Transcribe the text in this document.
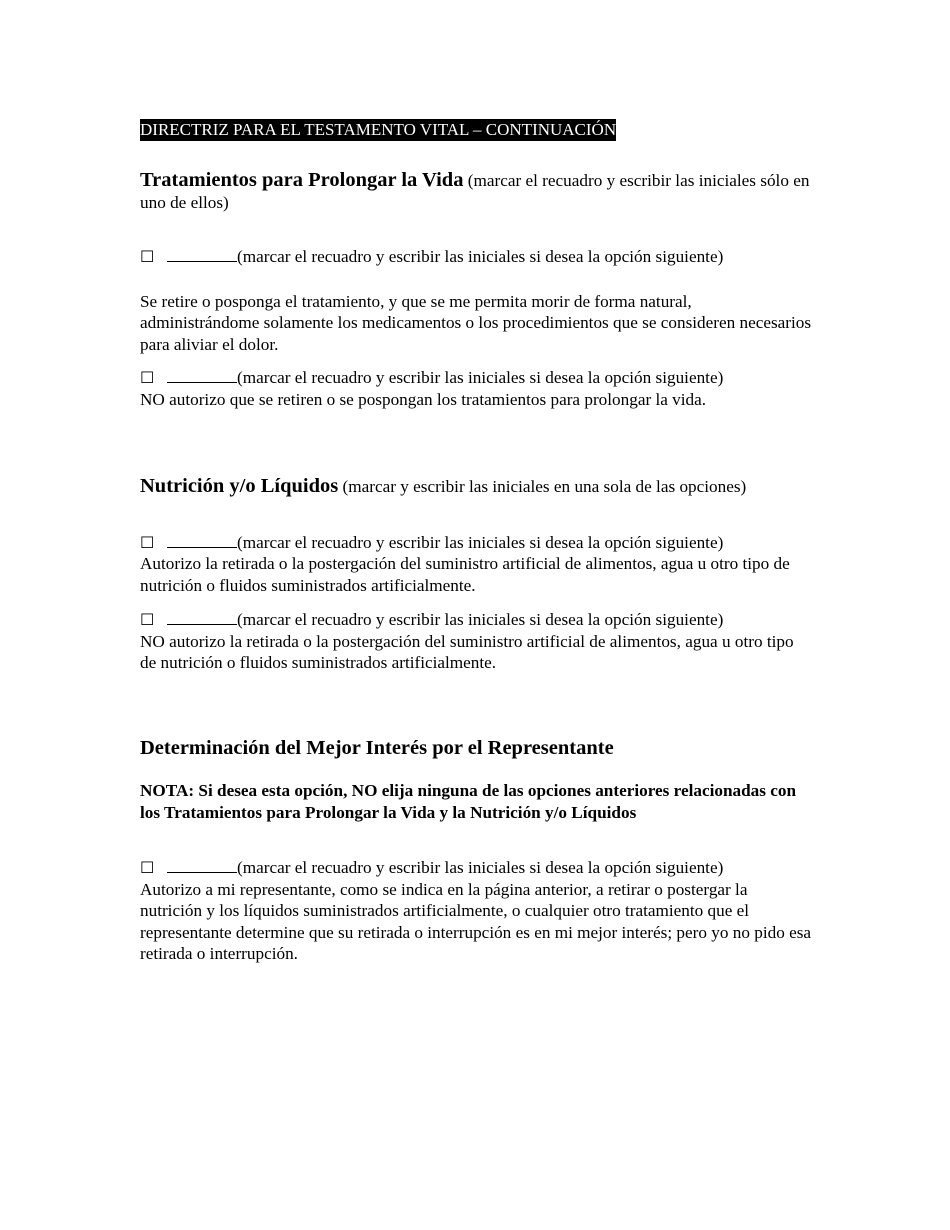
DIRECTRIZ PARA EL TESTAMENTO VITAL – CONTINUACIÓN

Tratamientos para Prolongar la Vida (marcar el recuadro y escribir las iniciales sólo en uno de ellos)

☐	(marcar el recuadro y escribir las iniciales si desea la opción siguiente)

Se retire o posponga el tratamiento, y que se me permita morir de forma natural, administrándome solamente los medicamentos o los procedimientos que se consideren necesarios para aliviar el dolor.

☐	(marcar el recuadro y escribir las iniciales si desea la opción siguiente)

NO autorizo que se retiren o se pospongan los tratamientos para prolongar la vida.

Nutrición y/o Líquidos (marcar y escribir las iniciales en una sola de las opciones)

☐	(marcar el recuadro y escribir las iniciales si desea la opción siguiente)

Autorizo la retirada o la postergación del suministro artificial de alimentos, agua u otro tipo de nutrición o fluidos suministrados artificialmente.

☐	(marcar el recuadro y escribir las iniciales si desea la opción siguiente)

NO autorizo la retirada o la postergación del suministro artificial de alimentos, agua u otro tipo de nutrición o fluidos suministrados artificialmente.

Determinación del Mejor Interés por el Representante

NOTA: Si desea esta opción, NO elija ninguna de las opciones anteriores relacionadas con los Tratamientos para Prolongar la Vida y la Nutrición y/o Líquidos

☐	(marcar el recuadro y escribir las iniciales si desea la opción siguiente)

Autorizo a mi representante, como se indica en la página anterior, a retirar o postergar la nutrición y los líquidos suministrados artificialmente, o cualquier otro tratamiento que el representante determine que su retirada o interrupción es en mi mejor interés; pero yo no pido esa retirada o interrupción.
